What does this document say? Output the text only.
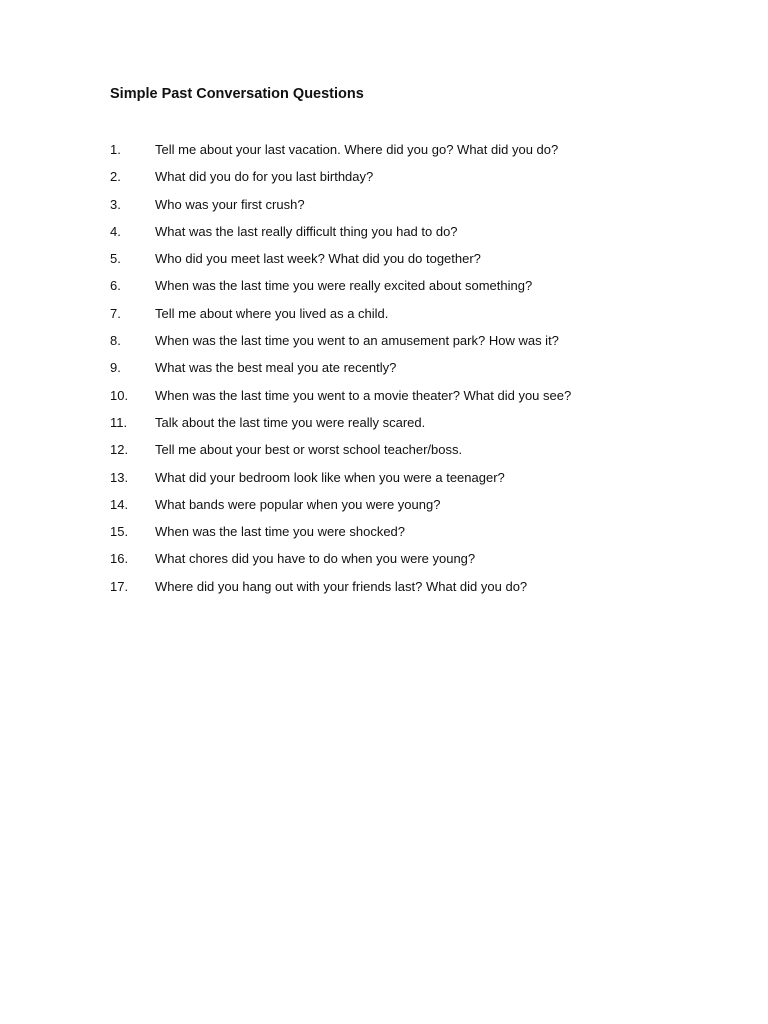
Simple Past Conversation Questions
1.	Tell me about your last vacation. Where did you go? What did you do?
2.	What did you do for you last birthday?
3.	Who was your first crush?
4.	What was the last really difficult thing you had to do?
5.	Who did you meet last week? What did you do together?
6.	When was the last time you were really excited about something?
7.	Tell me about where you lived as a child.
8.	When was the last time you went to an amusement park? How was it?
9.	What was the best meal you ate recently?
10.	When was the last time you went to a movie theater? What did you see?
11.	Talk about the last time you were really scared.
12.	Tell me about your best or worst school teacher/boss.
13.	What did your bedroom look like when you were a teenager?
14.	What bands were popular when you were young?
15.	When was the last time you were shocked?
16.	What chores did you have to do when you were young?
17.	Where did you hang out with your friends last? What did you do?
